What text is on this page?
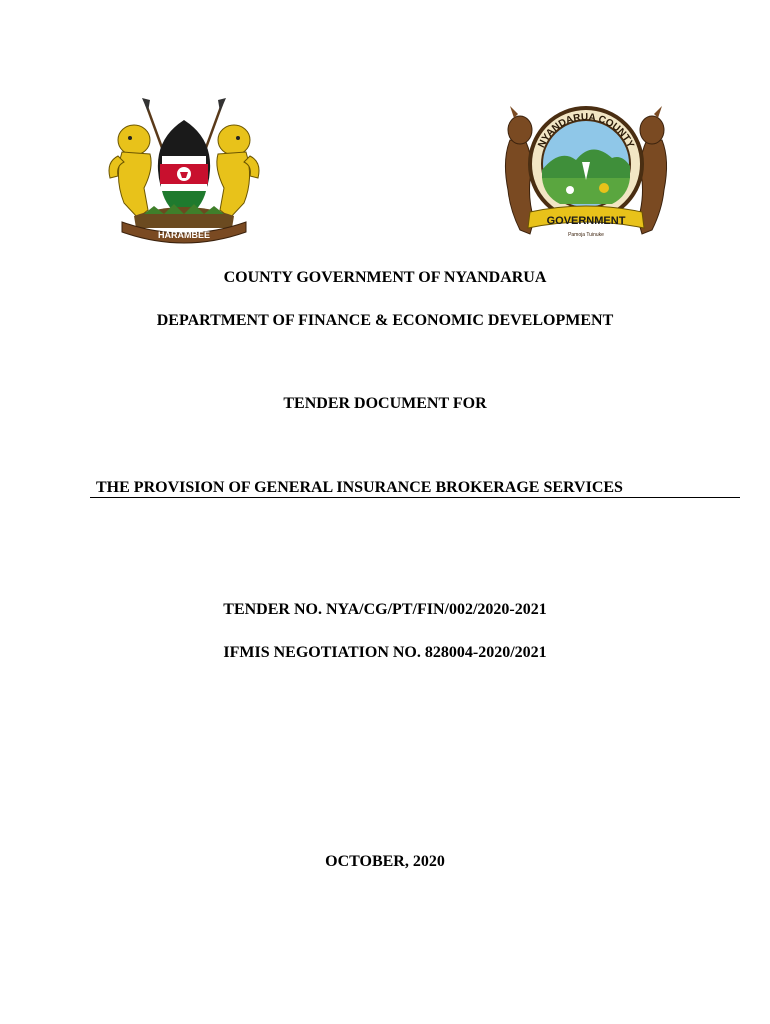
HARAMBEE
NYANDARUA COUNTY
GOVERNMENT
Pamoja Tuinuke
COUNTY GOVERNMENT OF NYANDARUA
DEPARTMENT OF FINANCE & ECONOMIC DEVELOPMENT
TENDER DOCUMENT FOR
THE PROVISION OF GENERAL INSURANCE BROKERAGE SERVICES
TENDER NO. NYA/CG/PT/FIN/002/2020-2021
IFMIS NEGOTIATION NO. 828004-2020/2021
OCTOBER, 2020
